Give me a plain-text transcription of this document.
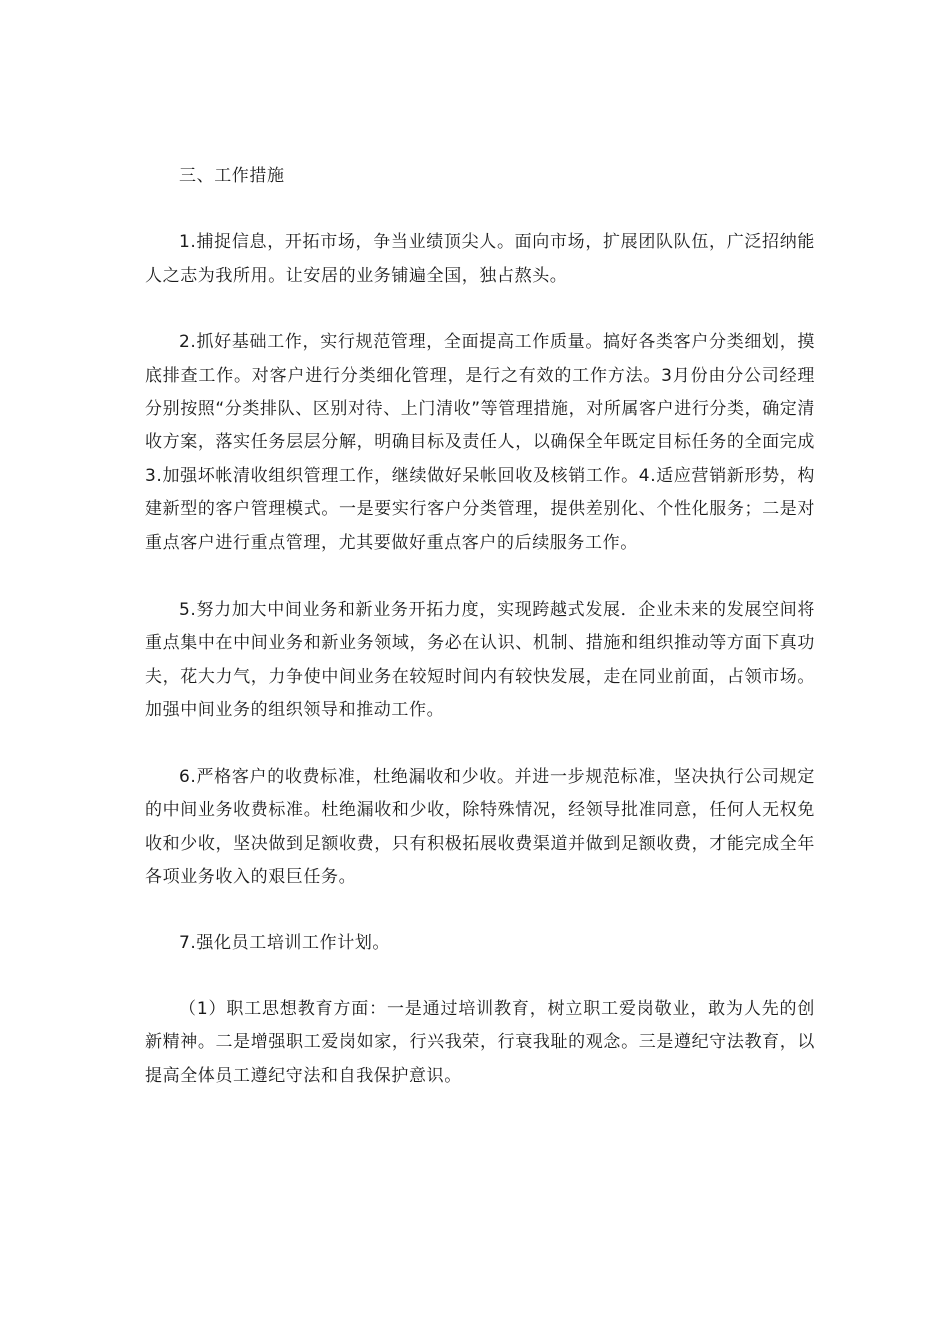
三、工作措施

1.捕捉信息，开拓市场，争当业绩顶尖人。面向市场，扩展团队队伍，广泛招纳能人之志为我所用。让安居的业务铺遍全国，独占熬头。

2.抓好基础工作，实行规范管理，全面提高工作质量。搞好各类客户分类细划，摸底排查工作。对客户进行分类细化管理，是行之有效的工作方法。3月份由分公司经理分别按照“分类排队、区别对待、上门清收”等管理措施，对所属客户进行分类，确定清收方案，落实任务层层分解，明确目标及责任人，以确保全年既定目标任务的全面完成 3.加强坏帐清收组织管理工作，继续做好呆帐回收及核销工作。4.适应营销新形势，构建新型的客户管理模式。一是要实行客户分类管理，提供差别化、个性化服务；二是对重点客户进行重点管理，尤其要做好重点客户的后续服务工作。

5.努力加大中间业务和新业务开拓力度，实现跨越式发展．企业未来的发展空间将重点集中在中间业务和新业务领域，务必在认识、机制、措施和组织推动等方面下真功夫，花大力气，力争使中间业务在较短时间内有较快发展，走在同业前面，占领市场。加强中间业务的组织领导和推动工作。

6.严格客户的收费标准，杜绝漏收和少收。并进一步规范标准，坚决执行公司规定的中间业务收费标准。杜绝漏收和少收，除特殊情况，经领导批准同意，任何人无权免收和少收，坚决做到足额收费，只有积极拓展收费渠道并做到足额收费，才能完成全年各项业务收入的艰巨任务。

7.强化员工培训工作计划。

（1）职工思想教育方面：一是通过培训教育，树立职工爱岗敬业，敢为人先的创新精神。二是增强职工爱岗如家，行兴我荣，行衰我耻的观念。三是遵纪守法教育，以提高全体员工遵纪守法和自我保护意识。
